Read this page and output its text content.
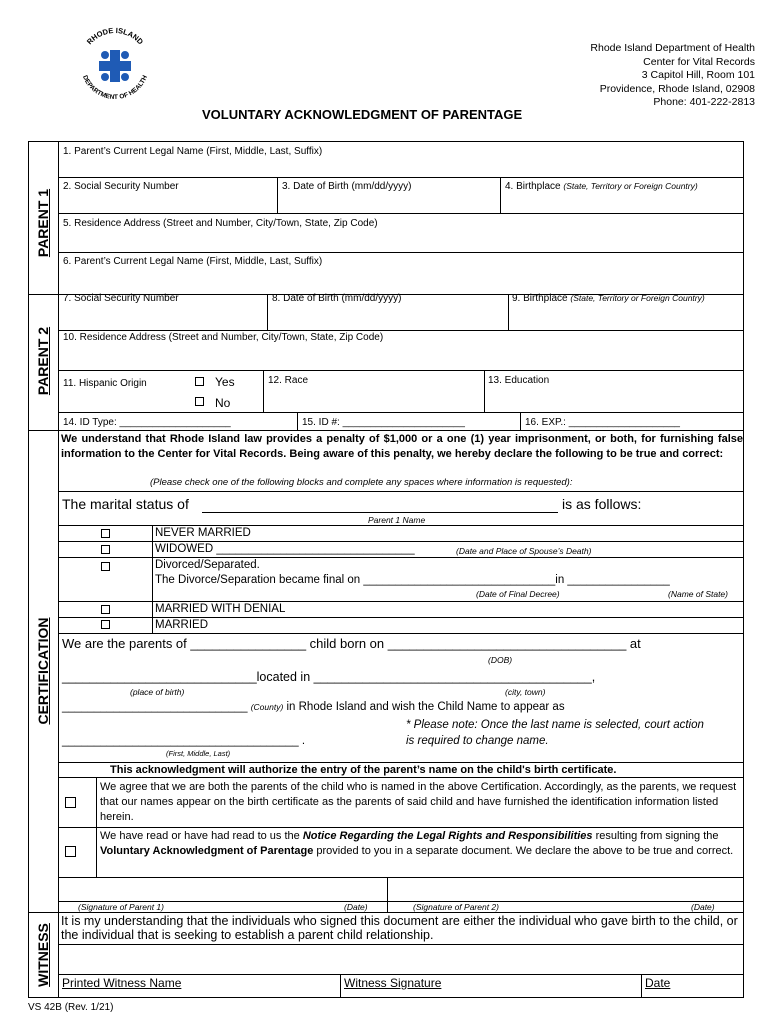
RHODE ISLAND
DEPARTMENT OF HEALTH
Rhode Island Department of Health
Center for Vital Records
3 Capitol Hill, Room 101
Providence, Rhode Island, 02908
Phone: 401-222-2813
VOLUNTARY ACKNOWLEDGMENT OF PARENTAGE
PARENT 1
PARENT 2
CERTIFICATION
WITNESS
1. Parent’s Current Legal Name (First, Middle, Last, Suffix)
2. Social Security Number	3. Date of Birth (mm/dd/yyyy)	4. Birthplace (State, Territory or Foreign Country)
5. Residence Address (Street and Number, City/Town, State, Zip Code)
6. Parent’s Current Legal Name (First, Middle, Last, Suffix)
7. Social Security Number	8. Date of Birth (mm/dd/yyyy)	9. Birthplace (State, Territory or Foreign Country)
10. Residence Address (Street and Number, City/Town, State, Zip Code)
11. Hispanic Origin	Yes
No
12. Race	13. Education
14. ID Type: ____________________	15. ID #: ______________________	16. EXP.: ____________________
We understand that Rhode Island law provides a penalty of $1,000 or a one (1) year imprisonment, or both, for furnishing false information to the Center for Vital Records. Being aware of this penalty, we hereby declare the following to be true and correct:
(Please check one of the following blocks and complete any spaces where information is requested):
The marital status of	is as follows:
Parent 1 Name
NEVER MARRIED
WIDOWED _______________________________	(Date and Place of Spouse’s Death)
Divorced/Separated.
The Divorce/Separation became final on ______________________________in ________________
(Date of Final Decree)	(Name of State)
MARRIED WITH DENIAL
MARRIED
We are the parents of ________________ child born on _________________________________ at
(DOB)
____________________________located in ________________________________________,
(place of birth)	(city, town)
_____________________________ (County) in Rhode Island and wish the Child Name to appear as
* Please note: Once the last name is selected, court action
_____________________________________ .	is required to change name.
(First, Middle, Last)
This acknowledgment will authorize the entry of the parent’s name on the child's birth certificate.
We agree that we are both the parents of the child who is named in the above Certification. Accordingly, as the parents, we request that our names appear on the birth certificate as the parents of said child and have furnished the identification information listed herein.
We have read or have had read to us the Notice Regarding the Legal Rights and Responsibilities resulting from signing the Voluntary Acknowledgment of Parentage provided to you in a separate document. We declare the above to be true and correct.
(Signature of Parent 1)	(Date)	(Signature of Parent 2)	(Date)
It is my understanding that the individuals who signed this document are either the individual who gave birth to the child, or the individual that is seeking to establish a parent child relationship.
Printed Witness Name	Witness Signature	Date
VS 42B (Rev. 1/21)
